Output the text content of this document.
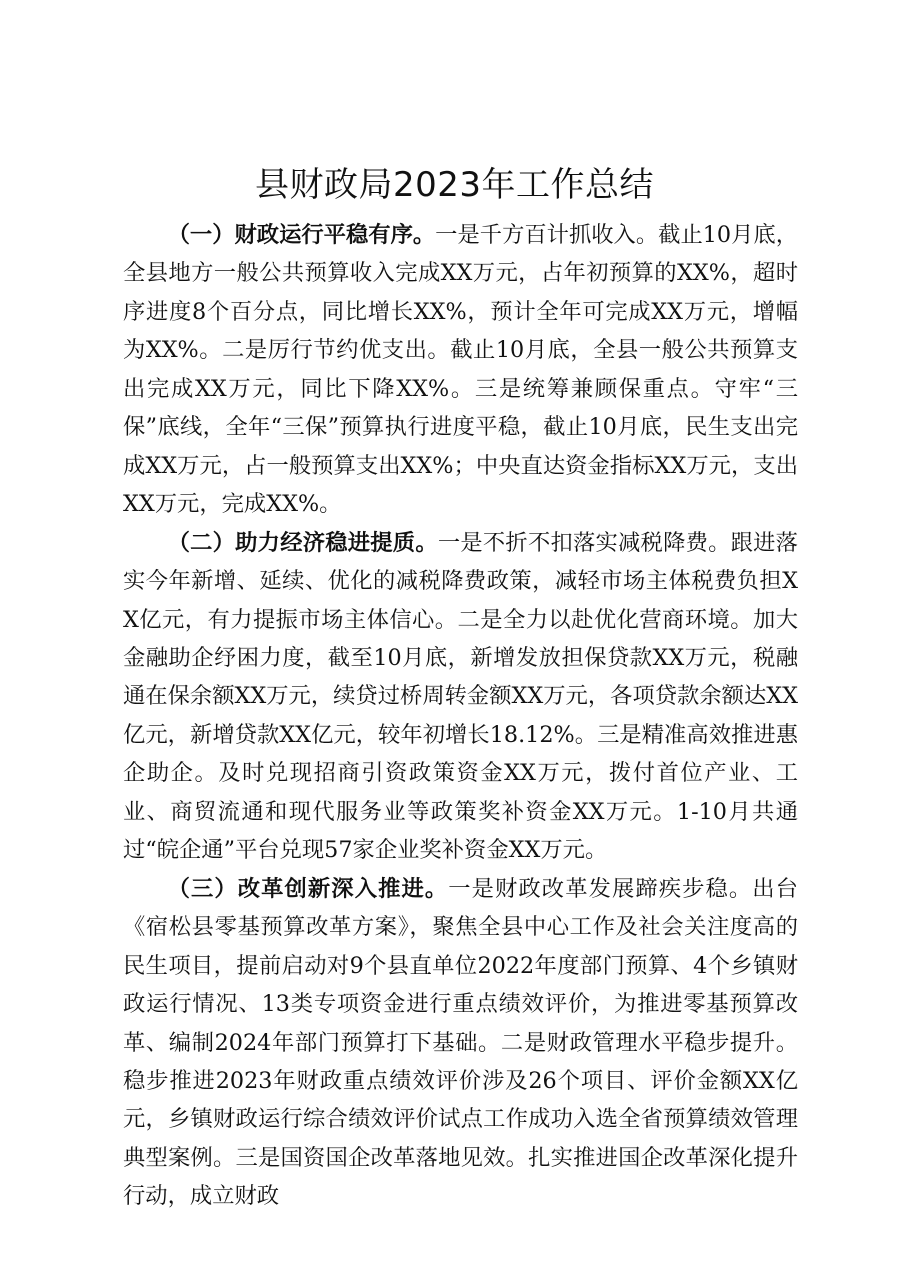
县财政局2023年工作总结

（一）财政运行平稳有序。一是千方百计抓收入。截止10月底，全县地方一般公共预算收入完成XX万元，占年初预算的XX%，超时序进度8个百分点，同比增长XX%，预计全年可完成XX万元，增幅为XX%。二是厉行节约优支出。截止10月底，全县一般公共预算支出完成XX万元，同比下降XX%。三是统筹兼顾保重点。守牢“三保”底线，全年“三保”预算执行进度平稳，截止10月底，民生支出完成XX万元，占一般预算支出XX%；中央直达资金指标XX万元，支出XX万元，完成XX%。

（二）助力经济稳进提质。一是不折不扣落实减税降费。跟进落实今年新增、延续、优化的减税降费政策，减轻市场主体税费负担XX亿元，有力提振市场主体信心。二是全力以赴优化营商环境。加大金融助企纾困力度，截至10月底，新增发放担保贷款XX万元，税融通在保余额XX万元，续贷过桥周转金额XX万元，各项贷款余额达XX亿元，新增贷款XX亿元，较年初增长18.12%。三是精准高效推进惠企助企。及时兑现招商引资政策资金XX万元，拨付首位产业、工业、商贸流通和现代服务业等政策奖补资金XX万元。1-10月共通过“皖企通”平台兑现57家企业奖补资金XX万元。

（三）改革创新深入推进。一是财政改革发展蹄疾步稳。出台《宿松县零基预算改革方案》，聚焦全县中心工作及社会关注度高的民生项目，提前启动对9个县直单位2022年度部门预算、4个乡镇财政运行情况、13类专项资金进行重点绩效评价，为推进零基预算改革、编制2024年部门预算打下基础。二是财政管理水平稳步提升。稳步推进2023年财政重点绩效评价涉及26个项目、评价金额XX亿元，乡镇财政运行综合绩效评价试点工作成功入选全省预算绩效管理典型案例。三是国资国企改革落地见效。扎实推进国企改革深化提升行动，成立财政
